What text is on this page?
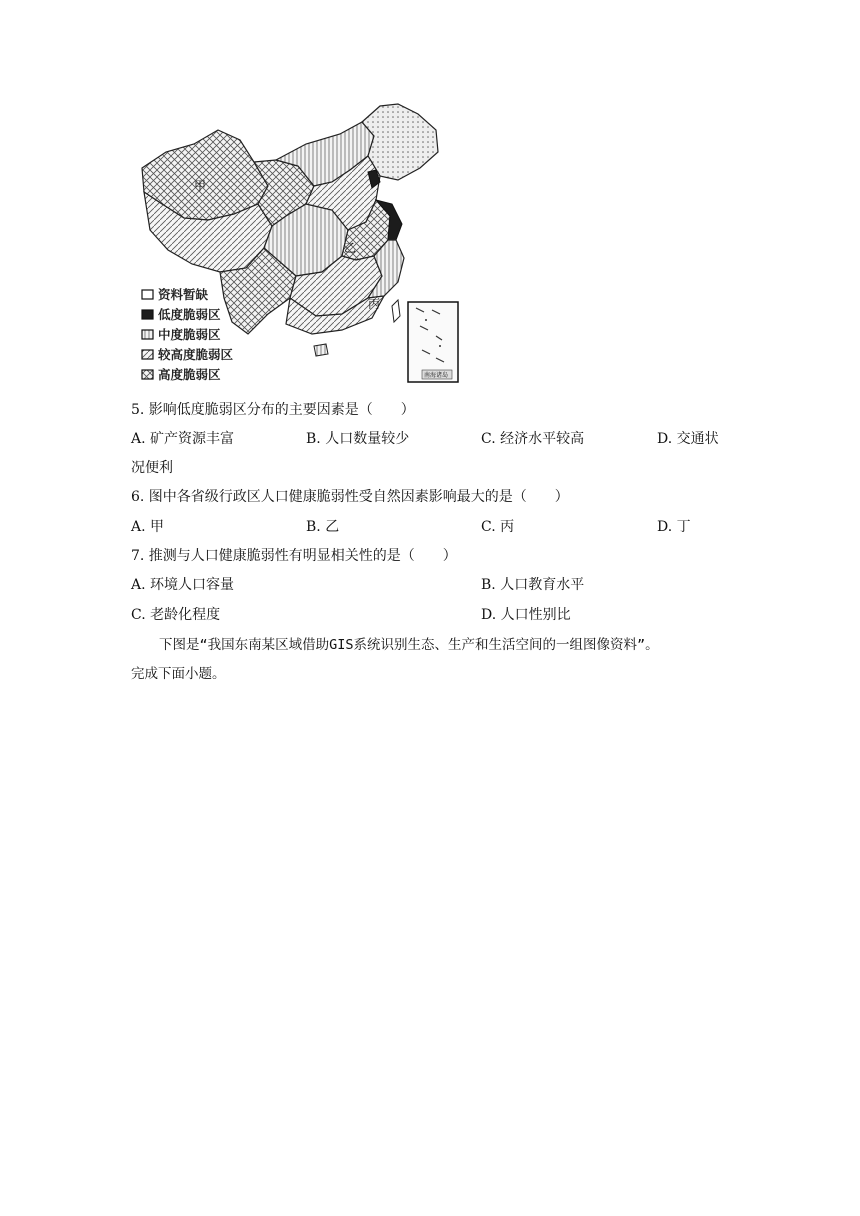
甲
乙
丙
南海诸岛
资料暂缺
低度脆弱区
中度脆弱区
较高度脆弱区
高度脆弱区
5. 影响低度脆弱区分布的主要因素是（　　）
A. 矿产资源丰富	B. 人口数量较少	C. 经济水平较高	D. 交通状
况便利
6. 图中各省级行政区人口健康脆弱性受自然因素影响最大的是（　　）
A. 甲	B. 乙	C. 丙	D. 丁
7. 推测与人口健康脆弱性有明显相关性的是（　　）
A. 环境人口容量	B. 人口教育水平
C. 老龄化程度	D. 人口性别比
下图是“我国东南某区域借助GIS系统识别生态、生产和生活空间的一组图像资料”。
完成下面小题。
